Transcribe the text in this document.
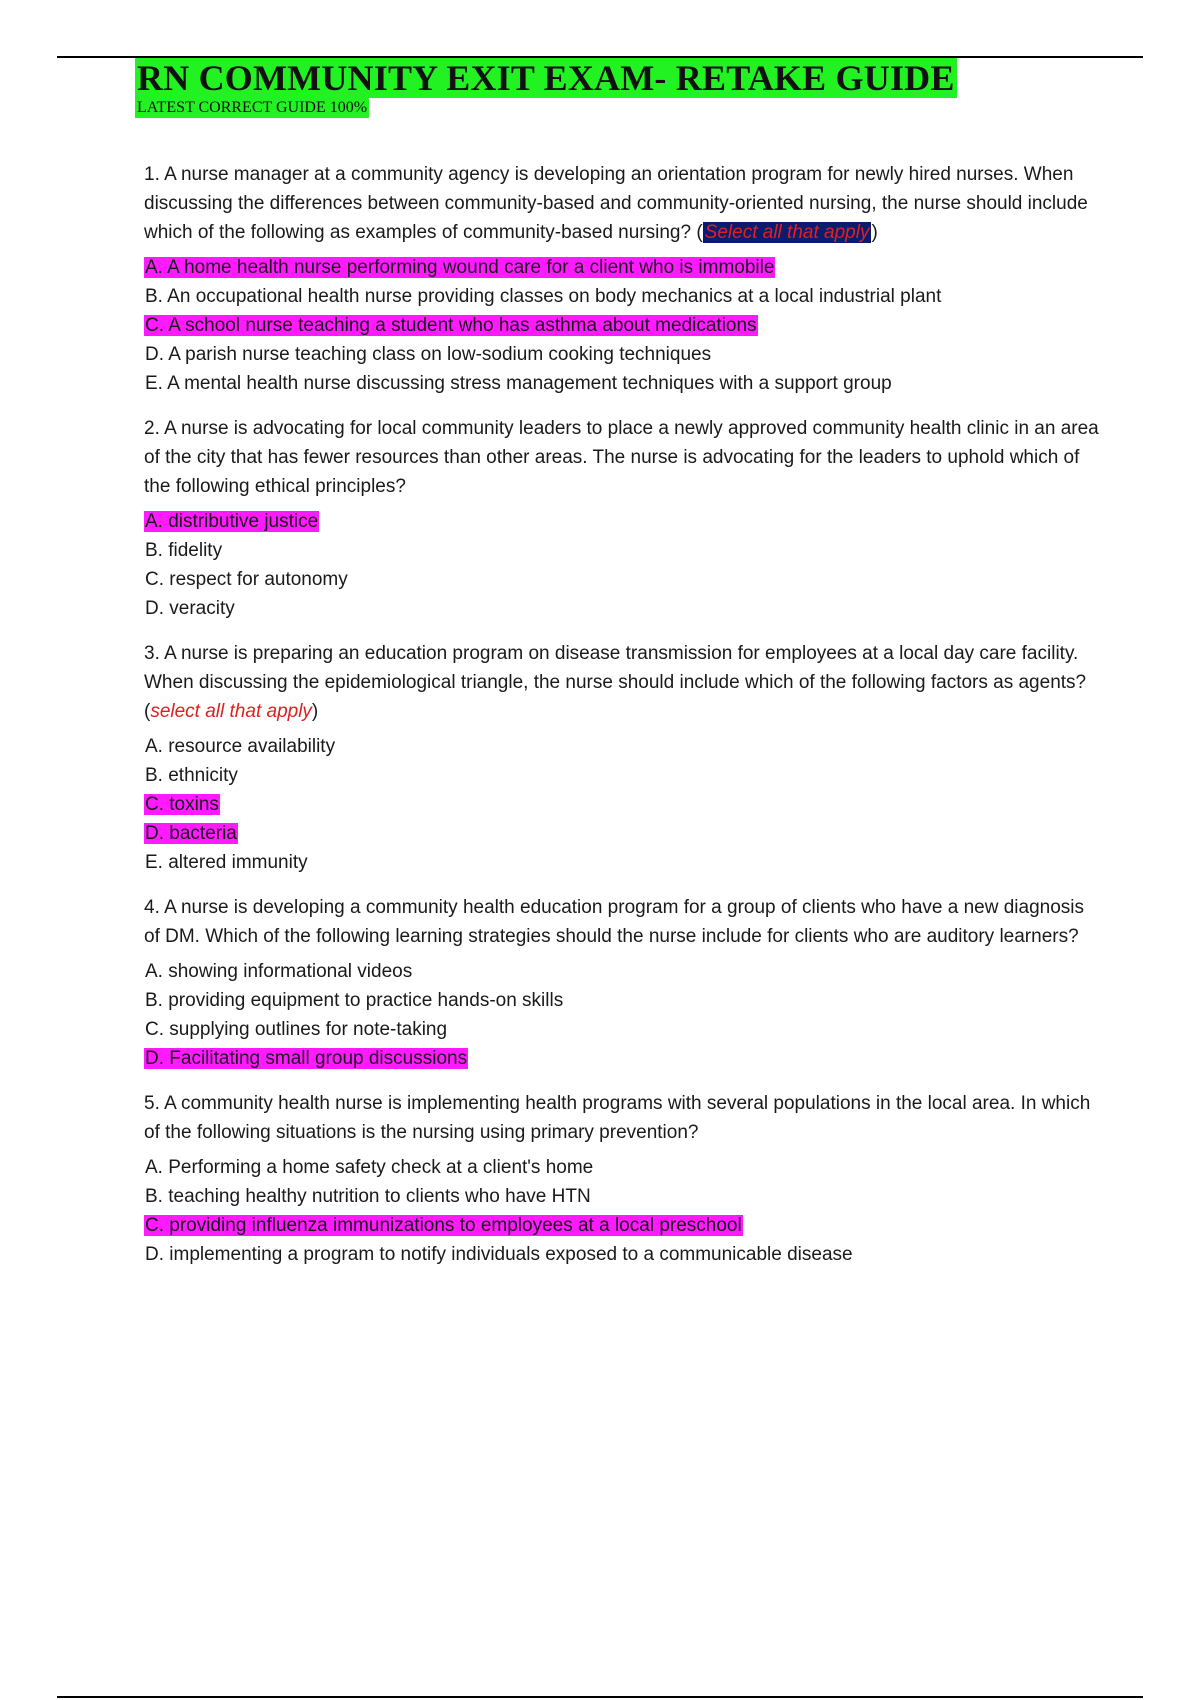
RN COMMUNITY EXIT EXAM- RETAKE GUIDE
LATEST CORRECT GUIDE 100%

1. A nurse manager at a community agency is developing an orientation program for newly hired nurses. When discussing the differences between community-based and community-oriented nursing, the nurse should include which of the following as examples of community-based nursing? ( Select all that apply )

A. A home health nurse performing wound care for a client who is immobile
B. An occupational health nurse providing classes on body mechanics at a local industrial plant
C. A school nurse teaching a student who has asthma about medications
D. A parish nurse teaching class on low-sodium cooking techniques
E. A mental health nurse discussing stress management techniques with a support group

2. A nurse is advocating for local community leaders to place a newly approved community health clinic in an area of the city that has fewer resources than other areas. The nurse is advocating for the leaders to uphold which of the following ethical principles?

A. distributive justice
B. fidelity
C. respect for autonomy
D. veracity

3. A nurse is preparing an education program on disease transmission for employees at a local day care facility. When discussing the epidemiological triangle, the nurse should include which of the following factors as agents? (select all that apply)

A. resource availability
B. ethnicity
C. toxins
D. bacteria
E. altered immunity

4. A nurse is developing a community health education program for a group of clients who have a new diagnosis of DM. Which of the following learning strategies should the nurse include for clients who are auditory learners?

A. showing informational videos
B. providing equipment to practice hands-on skills
C. supplying outlines for note-taking
D. Facilitating small group discussions

5. A community health nurse is implementing health programs with several populations in the local area. In which of the following situations is the nursing using primary prevention?

A. Performing a home safety check at a client's home
B. teaching healthy nutrition to clients who have HTN
C. providing influenza immunizations to employees at a local preschool
D. implementing a program to notify individuals exposed to a communicable disease
